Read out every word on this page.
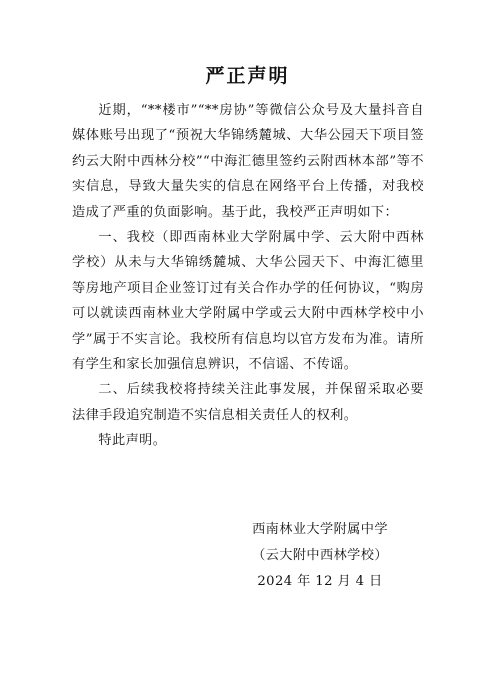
严正声明

近期，“**楼市”“**房协”等微信公众号及大量抖音自媒体账号出现了“预祝大华锦绣麓城、大华公园天下项目签约云大附中西林分校”“中海汇德里签约云附西林本部”等不实信息，导致大量失实的信息在网络平台上传播，对我校造成了严重的负面影响。基于此，我校严正声明如下：

一、我校（即西南林业大学附属中学、云大附中西林学校）从未与大华锦绣麓城、大华公园天下、中海汇德里等房地产项目企业签订过有关合作办学的任何协议，“购房可以就读西南林业大学附属中学或云大附中西林学校中小学”属于不实言论。我校所有信息均以官方发布为准。请所有学生和家长加强信息辨识，不信谣、不传谣。

二、后续我校将持续关注此事发展，并保留采取必要法律手段追究制造不实信息相关责任人的权利。

特此声明。

西南林业大学附属中学
（云大附中西林学校）
2024 年 12 月 4 日
